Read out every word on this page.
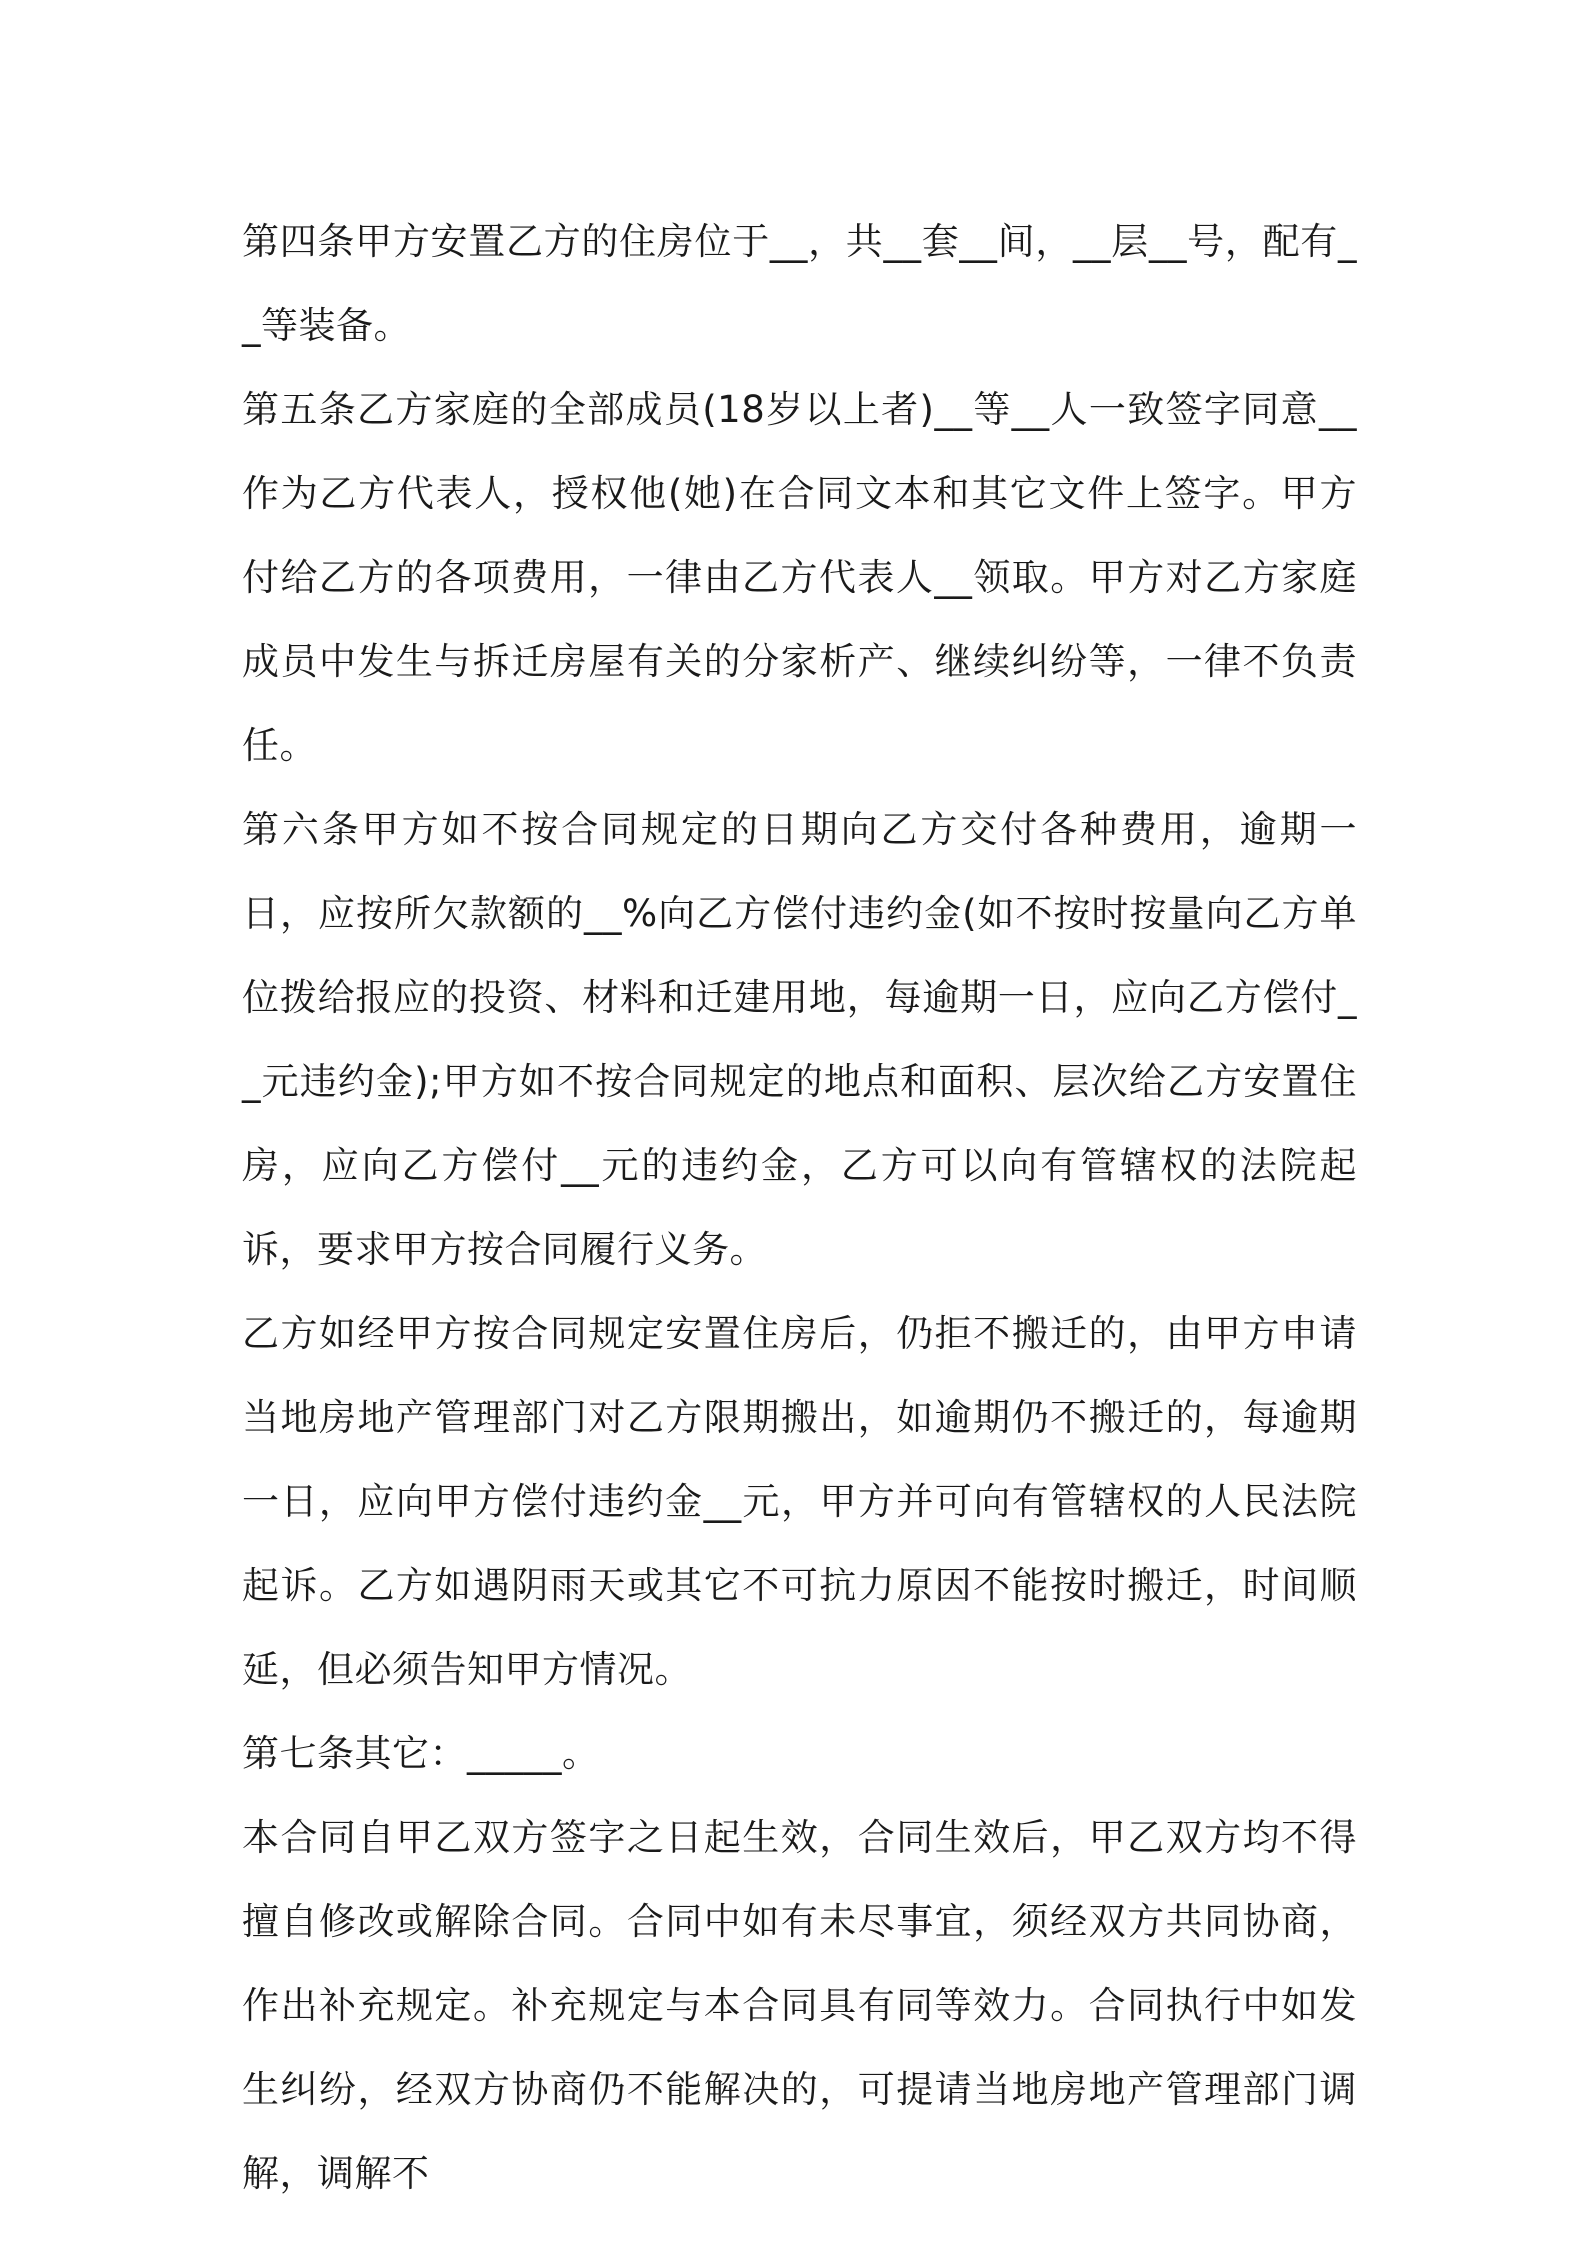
第四条甲方安置乙方的住房位于__，共__套__间，__层__号，配有__等装备。

第五条乙方家庭的全部成员(18岁以上者)__等__人一致签字同意__作为乙方代表人，授权他(她)在合同文本和其它文件上签字。甲方付给乙方的各项费用，一律由乙方代表人__领取。甲方对乙方家庭成员中发生与拆迁房屋有关的分家析产、继续纠纷等，一律不负责任。

第六条甲方如不按合同规定的日期向乙方交付各种费用，逾期一日，应按所欠款额的__%向乙方偿付违约金(如不按时按量向乙方单位拨给报应的投资、材料和迁建用地，每逾期一日，应向乙方偿付__元违约金);甲方如不按合同规定的地点和面积、层次给乙方安置住房，应向乙方偿付__元的违约金，乙方可以向有管辖权的法院起诉，要求甲方按合同履行义务。

乙方如经甲方按合同规定安置住房后，仍拒不搬迁的，由甲方申请当地房地产管理部门对乙方限期搬出，如逾期仍不搬迁的，每逾期一日，应向甲方偿付违约金__元，甲方并可向有管辖权的人民法院起诉。乙方如遇阴雨天或其它不可抗力原因不能按时搬迁，时间顺延，但必须告知甲方情况。

第七条其它：_____。

本合同自甲乙双方签字之日起生效，合同生效后，甲乙双方均不得擅自修改或解除合同。合同中如有未尽事宜，须经双方共同协商，作出补充规定。补充规定与本合同具有同等效力。合同执行中如发生纠纷，经双方协商仍不能解决的，可提请当地房地产管理部门调解，调解不
